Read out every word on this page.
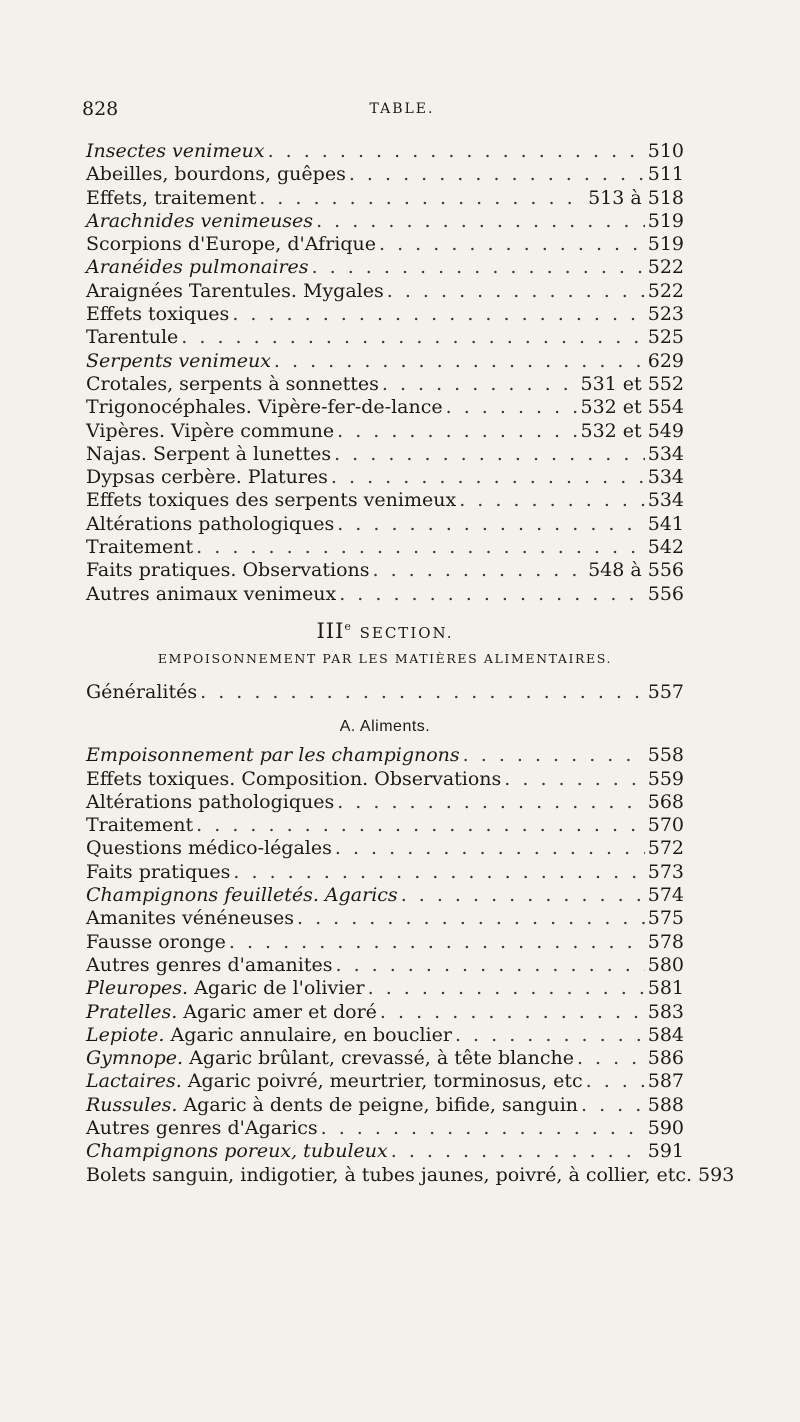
828	TABLE.
Insectes venimeux . . .	510
Abeilles, bourdons, guêpes . . .	511
Effets, traitement . . .	513 à 518
Arachnides venimeuses . . .	519
Scorpions d'Europe, d'Afrique . . .	519
Aranéides pulmonaires . . .	522
Araignées Tarentules. Mygales . . .	522
Effets toxiques . . .	523
Tarentule . . .	525
Serpents venimeux . . .	629
Crotales, serpents à sonnettes . . .	531 et 552
Trigonocéphales. Vipère-fer-de-lance . . .	532 et 554
Vipères. Vipère commune . . .	532 et 549
Najas. Serpent à lunettes . . .	534
Dypsas cerbère. Platures . . .	534
Effets toxiques des serpents venimeux . . .	534
Altérations pathologiques . . .	541
Traitement . . .	542
Faits pratiques. Observations . . .	548 à 556
Autres animaux venimeux . . .	556
IIIe SECTION.
EMPOISONNEMENT PAR LES MATIÈRES ALIMENTAIRES.
Généralités . . .	557
A. Aliments.
Empoisonnement par les champignons . . .	558
Effets toxiques. Composition. Observations . . .	559
Altérations pathologiques . . .	568
Traitement . . .	570
Questions médico-légales . . .	572
Faits pratiques . . .	573
Champignons feuilletés. Agarics . . .	574
Amanites vénéneuses . . .	575
Fausse oronge . . .	578
Autres genres d'amanites . . .	580
Pleuropes. Agaric de l'olivier . . .	581
Pratelles. Agaric amer et doré . . .	583
Lepiote. Agaric annulaire, en bouclier . . .	584
Gymnope. Agaric brûlant, crevassé, à tête blanche . . .	586
Lactaires. Agaric poivré, meurtrier, torminosus, etc . . .	587
Russules. Agaric à dents de peigne, bifide, sanguin . . .	588
Autres genres d'Agarics . . .	590
Champignons poreux, tubuleux . . .	591
Bolets sanguin, indigotier, à tubes jaunes, poivré, à collier, etc. 593
